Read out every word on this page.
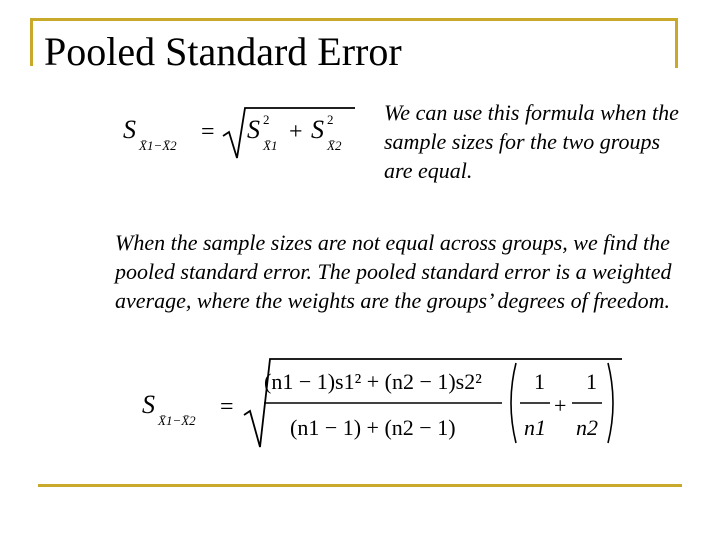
Pooled Standard Error
S
X̄1−X̄2
= S 2
X̄1
+ S 2
X̄2

We can use this formula when the sample sizes for the two groups are equal.

When the sample sizes are not equal across groups, we find the pooled standard error. The pooled standard error is a weighted average, where the weights are the groups’ degrees of freedom.

S
X̄1−X̄2
=
(n1 − 1)s1² + (n2 − 1)s2²
(n1 − 1) + (n2 − 1)
1
n1
+
1
n2
